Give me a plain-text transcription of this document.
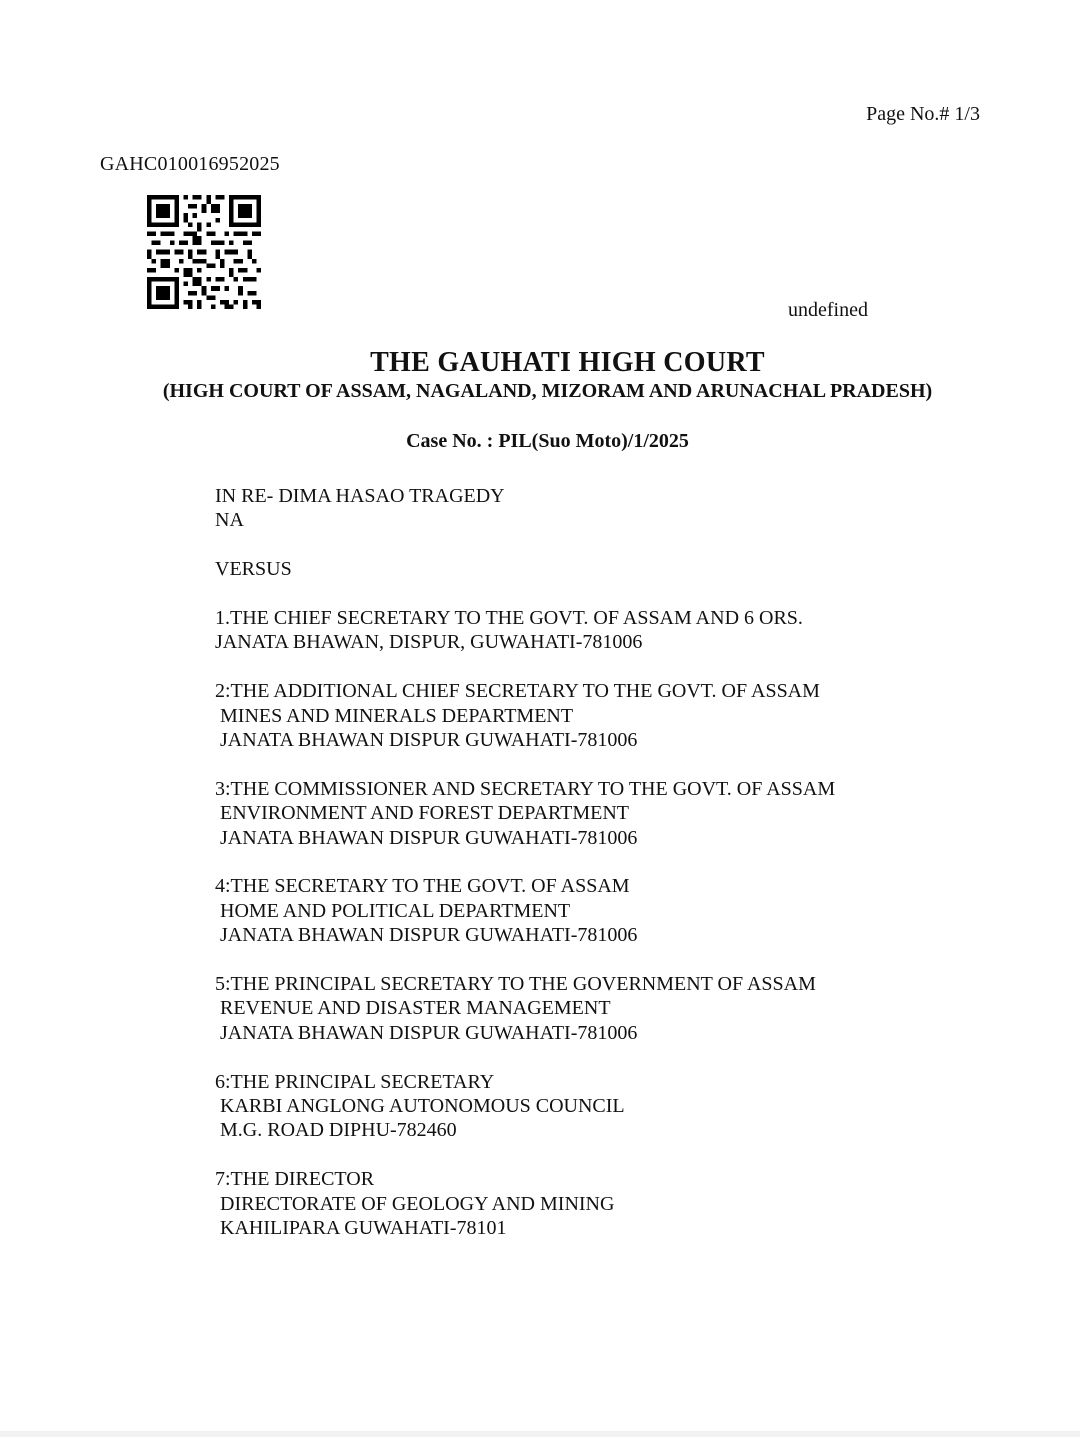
Page No.# 1/3
GAHC010016952025
undefined
THE GAUHATI HIGH COURT
(HIGH COURT OF ASSAM, NAGALAND, MIZORAM AND ARUNACHAL PRADESH)
Case No. : PIL(Suo Moto)/1/2025
IN RE- DIMA HASAO TRAGEDY
NA
VERSUS
1.THE CHIEF SECRETARY TO THE GOVT. OF ASSAM AND 6 ORS.
JANATA BHAWAN, DISPUR, GUWAHATI-781006
2:THE ADDITIONAL CHIEF SECRETARY TO THE GOVT. OF ASSAM
MINES AND MINERALS DEPARTMENT
JANATA BHAWAN DISPUR GUWAHATI-781006
3:THE COMMISSIONER AND SECRETARY TO THE GOVT. OF ASSAM
ENVIRONMENT AND FOREST DEPARTMENT
JANATA BHAWAN DISPUR GUWAHATI-781006
4:THE SECRETARY TO THE GOVT. OF ASSAM
HOME AND POLITICAL DEPARTMENT
JANATA BHAWAN DISPUR GUWAHATI-781006
5:THE PRINCIPAL SECRETARY TO THE GOVERNMENT OF ASSAM
REVENUE AND DISASTER MANAGEMENT
JANATA BHAWAN DISPUR GUWAHATI-781006
6:THE PRINCIPAL SECRETARY
KARBI ANGLONG AUTONOMOUS COUNCIL
M.G. ROAD DIPHU-782460
7:THE DIRECTOR
DIRECTORATE OF GEOLOGY AND MINING
KAHILIPARA GUWAHATI-78101
